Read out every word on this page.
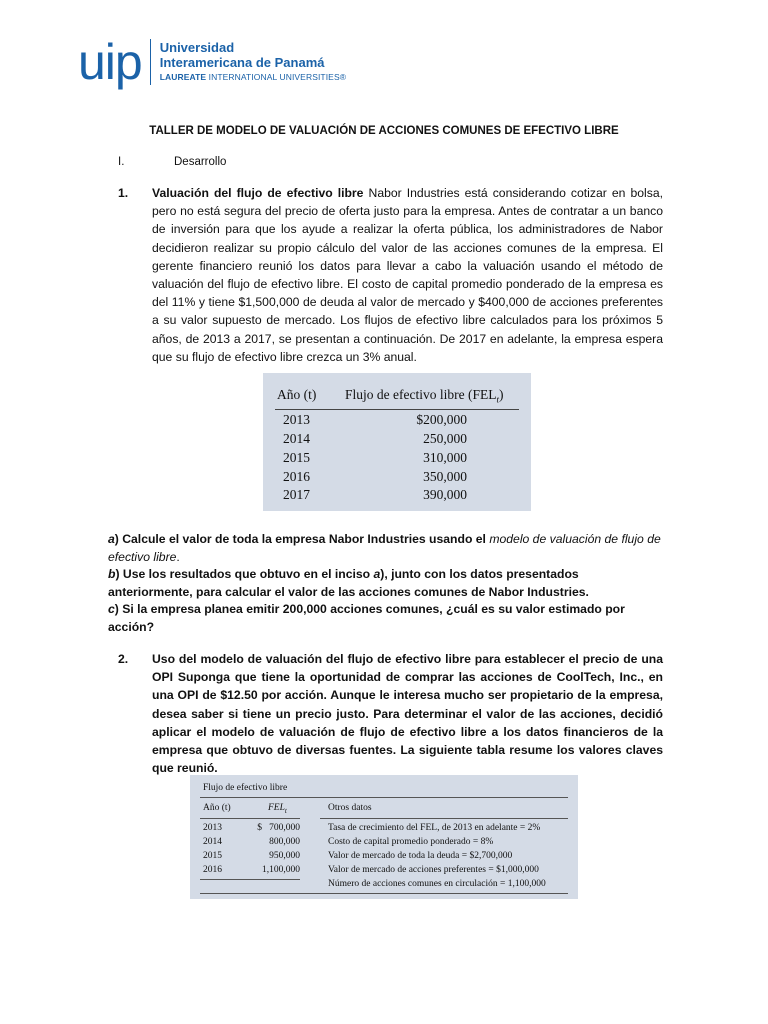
uip Universidad
Interamericana de Panamá
LAUREATE INTERNATIONAL UNIVERSITIES®
TALLER DE MODELO DE VALUACIÓN DE ACCIONES COMUNES DE EFECTIVO LIBRE
I.	Desarrollo
1. Valuación del flujo de efectivo libre Nabor Industries está considerando cotizar en bolsa, pero no está segura del precio de oferta justo para la empresa. Antes de contratar a un banco de inversión para que los ayude a realizar la oferta pública, los administradores de Nabor decidieron realizar su propio cálculo del valor de las acciones comunes de la empresa. El gerente financiero reunió los datos para llevar a cabo la valuación usando el método de valuación del flujo de efectivo libre. El costo de capital promedio ponderado de la empresa es del 11% y tiene $1,500,000 de deuda al valor de mercado y $400,000 de acciones preferentes a su valor supuesto de mercado. Los flujos de efectivo libre calculados para los próximos 5 años, de 2013 a 2017, se presentan a continuación. De 2017 en adelante, la empresa espera que su flujo de efectivo libre crezca un 3% anual.
Año (t) Flujo de efectivo libre $(FEL_t)$
2013	$200,000
2014	250,000
2015	310,000
2016	350,000
2017	390,000
a) Calcule el valor de toda la empresa Nabor Industries usando el modelo de valuación de flujo de efectivo libre.
b) Use los resultados que obtuvo en el inciso a), junto con los datos presentados anteriormente, para calcular el valor de las acciones comunes de Nabor Industries.
c) Si la empresa planea emitir 200,000 acciones comunes, ¿cuál es su valor estimado por acción?
2. Uso del modelo de valuación del flujo de efectivo libre para establecer el precio de una OPI Suponga que tiene la oportunidad de comprar las acciones de CoolTech, Inc., en una OPI de $12.50 por acción. Aunque le interesa mucho ser propietario de la empresa, desea saber si tiene un precio justo. Para determinar el valor de las acciones, decidió aplicar el modelo de valuación de flujo de efectivo libre a los datos financieros de la empresa que obtuvo de diversas fuentes. La siguiente tabla resume los valores claves que reunió.
Flujo de efectivo libre
Año (t)	$FEL_t$	Otros datos
2013	$   700,000	Tasa de crecimiento del FEL, de 2013 en adelante = 2%
2014	800,000	Costo de capital promedio ponderado = 8%
2015	950,000	Valor de mercado de toda la deuda = $2,700,000
2016	1,100,000	Valor de mercado de acciones preferentes = $1,000,000
Número de acciones comunes en circulación = 1,100,000
